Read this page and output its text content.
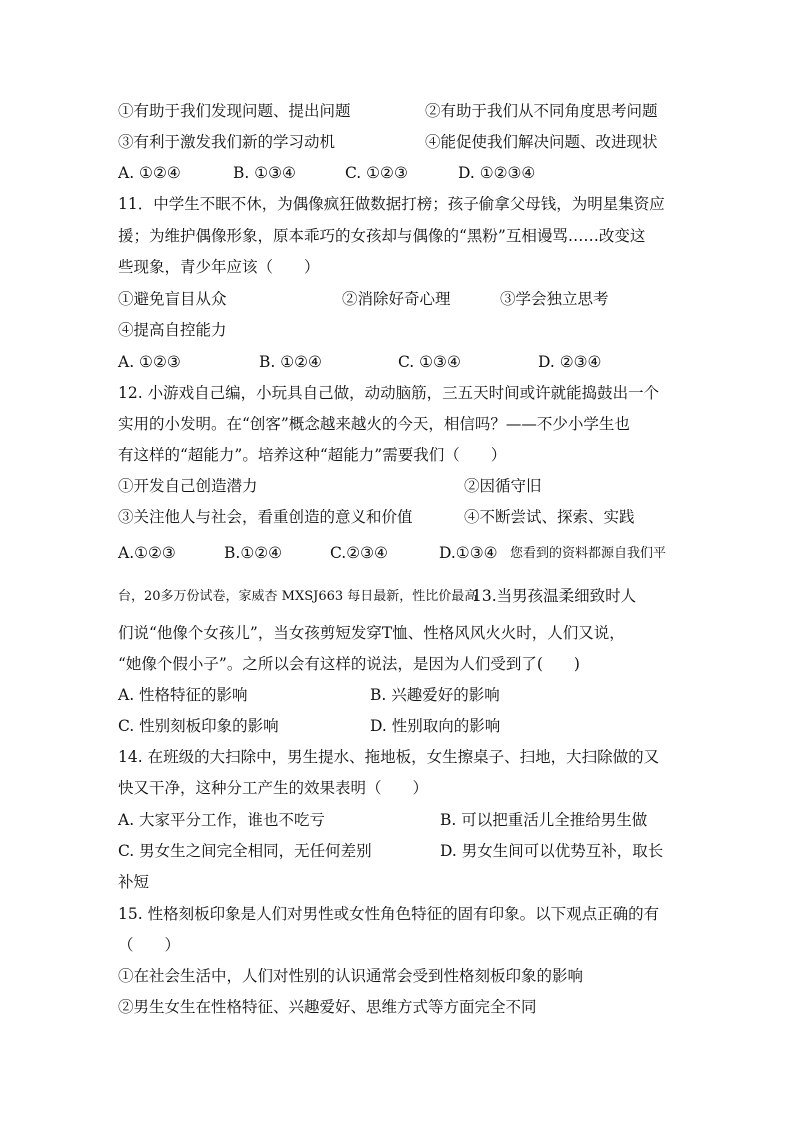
①有助于我们发现问题、提出问题	②有助于我们从不同角度思考问题
③有利于激发我们新的学习动机	④能促使我们解决问题、改进现状
A. ①②④	B. ①③④	C. ①②③	D. ①②③④
11．中学生不眠不休，为偶像疯狂做数据打榜；孩子偷拿父母钱，为明星集资应
援；为维护偶像形象，原本乖巧的女孩却与偶像的“黑粉”互相谩骂……改变这
些现象，青少年应该（　　）
①避免盲目从众	②消除好奇心理	③学会独立思考
④提高自控能力
A. ①②③	B. ①②④	C. ①③④	D. ②③④
12. 小游戏自己编，小玩具自己做，动动脑筋，三五天时间或许就能捣鼓出一个
实用的小发明。在“创客”概念越来越火的今天，相信吗？——不少小学生也
有这样的“超能力”。培养这种“超能力”需要我们（　　）
①开发自己创造潜力	②因循守旧
③关注他人与社会，看重创造的意义和价值	④不断尝试、探索、实践
A.①②③	B.①②④	C.②③④	D.①③④ 您看到的资料都源自我们平
台，20多万份试卷，家威杏 MXSJ663 每日最新，性比价最高
13.当男孩温柔细致时人
们说“他像个女孩儿”，当女孩剪短发穿T恤、性格风风火火时，人们又说，
“她像个假小子”。之所以会有这样的说法，是因为人们受到了(　　)
A. 性格特征的影响	B. 兴趣爱好的影响
C. 性别刻板印象的影响	D. 性别取向的影响
14. 在班级的大扫除中，男生提水、拖地板，女生擦桌子、扫地，大扫除做的又
快又干净，这种分工产生的效果表明（　　）
A. 大家平分工作，谁也不吃亏	B. 可以把重活儿全推给男生做
C. 男女生之间完全相同，无任何差别	D. 男女生间可以优势互补，取长
补短
15. 性格刻板印象是人们对男性或女性角色特征的固有印象。以下观点正确的有
（　　）
①在社会生活中，人们对性别的认识通常会受到性格刻板印象的影响
②男生女生在性格特征、兴趣爱好、思维方式等方面完全不同
